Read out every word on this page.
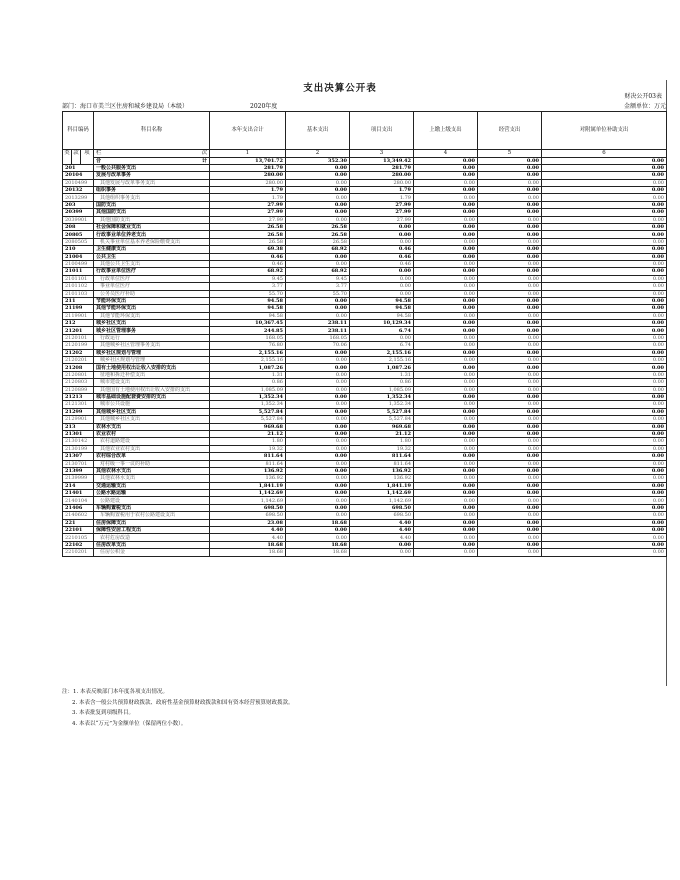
支出决算公开表
财决公开03表
部门：海口市美兰区住房和城乡建设局（本级）	2020年度	金额单位：万元
科目编码			科目名称	本年支出合计	基本支出	项目支出	上缴上级支出	经营支出	对附属单位补助支出
类	款	项	栏 次	1	2	3	4	5	6
			合 计	13,701.72	352.30	13,349.42	0.00	0.00	0.00
201			一般公共服务支出	281.79	0.00	281.79	0.00	0.00	0.00
20104			发展与改革事务	280.00	0.00	280.00	0.00	0.00	0.00
2010499			其他发展与改革事务支出	280.00	0.00	280.00	0.00	0.00	0.00
20132			组织事务	1.79	0.00	1.79	0.00	0.00	0.00
2013299			其他组织事务支出	1.79	0.00	1.79	0.00	0.00	0.00
203			国防支出	27.99	0.00	27.99	0.00	0.00	0.00
20399			其他国防支出	27.99	0.00	27.99	0.00	0.00	0.00
2039901			其他国防支出	27.99	0.00	27.99	0.00	0.00	0.00
208			社会保障和就业支出	26.58	26.58	0.00	0.00	0.00	0.00
20805			行政事业单位养老支出	26.58	26.58	0.00	0.00	0.00	0.00
2080505			机关事业单位基本养老保险缴费支出	26.58	26.58	0.00	0.00	0.00	0.00
210			卫生健康支出	69.38	68.92	0.46	0.00	0.00	0.00
21004			公共卫生	0.46	0.00	0.46	0.00	0.00	0.00
2100499			其他公共卫生支出	0.46	0.00	0.46	0.00	0.00	0.00
21011			行政事业单位医疗	68.92	68.92	0.00	0.00	0.00	0.00
2101101			行政单位医疗	9.45	9.45	0.00	0.00	0.00	0.00
2101102			事业单位医疗	3.77	3.77	0.00	0.00	0.00	0.00
2101103			公务员医疗补助	55.70	55.70	0.00	0.00	0.00	0.00
211			节能环保支出	94.58	0.00	94.58	0.00	0.00	0.00
21199			其他节能环保支出	94.58	0.00	94.58	0.00	0.00	0.00
2119901			其他节能环保支出	94.58	0.00	94.58	0.00	0.00	0.00
212			城乡社区支出	10,367.45	238.11	10,129.34	0.00	0.00	0.00
21201			城乡社区管理事务	244.85	238.11	6.74	0.00	0.00	0.00
2120101			行政运行	168.05	168.05	0.00	0.00	0.00	0.00
2120199			其他城乡社区管理事务支出	76.80	70.06	6.74	0.00	0.00	0.00
21202			城乡社区规划与管理	2,155.16	0.00	2,155.16	0.00	0.00	0.00
2120201			城乡社区规划与管理	2,155.16	0.00	2,155.16	0.00	0.00	0.00
21208			国有土地使用权出让收入安排的支出	1,087.26	0.00	1,087.26	0.00	0.00	0.00
2120801			征地和拆迁补偿支出	1.31	0.00	1.31	0.00	0.00	0.00
2120803			城市建设支出	0.86	0.00	0.86	0.00	0.00	0.00
2120899			其他国有土地使用权出让收入安排的支出	1,085.09	0.00	1,085.09	0.00	0.00	0.00
21213			城市基础设施配套费安排的支出	1,352.34	0.00	1,352.34	0.00	0.00	0.00
2121301			城市公共设施	1,352.34	0.00	1,352.34	0.00	0.00	0.00
21299			其他城乡社区支出	5,527.84	0.00	5,527.84	0.00	0.00	0.00
2129901			其他城乡社区支出	5,527.84	0.00	5,527.84	0.00	0.00	0.00
213			农林水支出	969.68	0.00	969.68	0.00	0.00	0.00
21301			农业农村	21.12	0.00	21.12	0.00	0.00	0.00
2130142			农村道路建设	1.80	0.00	1.80	0.00	0.00	0.00
2130199			其他农业农村支出	19.32	0.00	19.32	0.00	0.00	0.00
21307			农村综合改革	811.64	0.00	811.64	0.00	0.00	0.00
2130701			对村级一事一议的补助	811.64	0.00	811.64	0.00	0.00	0.00
21399			其他农林水支出	136.92	0.00	136.92	0.00	0.00	0.00
2139999			其他农林水支出	136.92	0.00	136.92	0.00	0.00	0.00
214			交通运输支出	1,841.19	0.00	1,841.19	0.00	0.00	0.00
21401			公路水路运输	1,142.69	0.00	1,142.69	0.00	0.00	0.00
2140104			公路建设	1,142.69	0.00	1,142.69	0.00	0.00	0.00
21406			车辆购置税支出	698.50	0.00	698.50	0.00	0.00	0.00
2140602			车辆购置税用于农村公路建设支出	698.50	0.00	698.50	0.00	0.00	0.00
221			住房保障支出	23.08	18.68	4.40	0.00	0.00	0.00
22101			保障性安居工程支出	4.40	0.00	4.40	0.00	0.00	0.00
2210105			农村危房改造	4.40	0.00	4.40	0.00	0.00	0.00
22102			住房改革支出	18.68	18.68	0.00	0.00	0.00	0.00
2210201			住房公积金	18.68	18.68	0.00	0.00	0.00	0.00
注：1. 本表反映部门本年度各项支出情况。
2. 本表含一般公共预算财政拨款、政府性基金预算财政拨款和国有资本经营预算财政拨款。
3. 本表批复到项级科目。
4. 本表以“万元”为金额单位（保留两位小数）。
